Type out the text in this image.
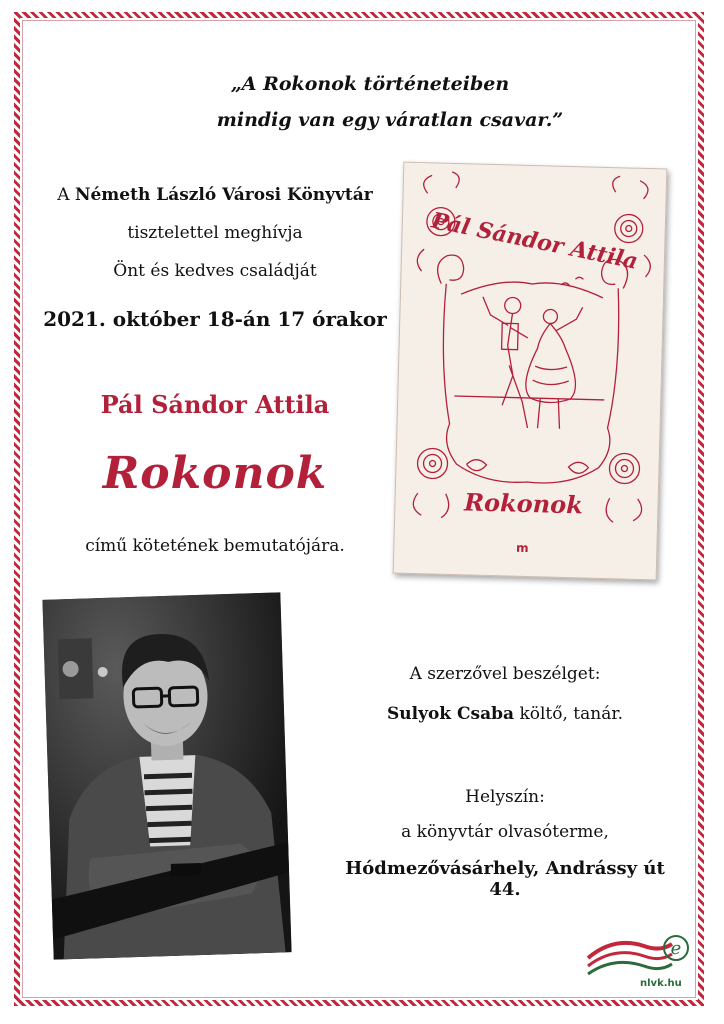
„A Rokonok történeteiben
mindig van egy váratlan csavar.”
A Németh László Városi Könyvtár
tisztelettel meghívja
Önt és kedves családját
2021. október 18-án 17 órakor
Pál Sándor Attila
Rokonok
című kötetének bemutatójára.
Pál Sándor Attila
Rokonok
m
A szerzővel beszélget:
Sulyok Csaba költő, tanár.
Helyszín:
a könyvtár olvasóterme,
Hódmezővásárhely, Andrássy út 44.
e
nlvk.hu
